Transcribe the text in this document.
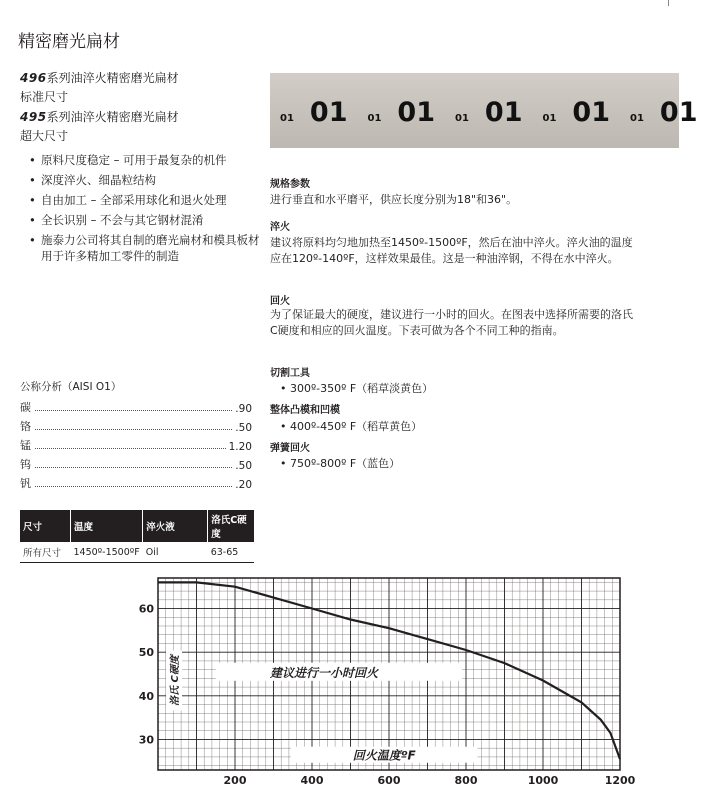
精密磨光扁材
496系列油淬火精密磨光扁材
标准尺寸
495系列油淬火精密磨光扁材
超大尺寸
• 原料尺度稳定 – 可用于最复杂的机件
• 深度淬火、细晶粒结构
• 自由加工 – 全部采用球化和退火处理
• 全长识别 – 不会与其它钢材混淆
• 施泰力公司将其自制的磨光扁材和模具板材用于许多精加工零件的制造
公称分析（AISI O1）
碳	.90
铬	.50
锰	1.20
钨	.50
钒	.20
尺寸	温度	淬火液	洛氏C硬度
所有尺寸	1450º-1500ºF	Oil	63-65
01 01 01 01 01 01 01 01 01 01
规格参数
进行垂直和水平磨平，供应长度分别为18"和36"。
淬火
建议将原料均匀地加热至1450º-1500ºF，然后在油中淬火。淬火油的温度应在120º-140ºF，这样效果最佳。这是一种油淬钢，不得在水中淬火。
回火
为了保证最大的硬度，建议进行一小时的回火。在图表中选择所需要的洛氏C硬度和相应的回火温度。下表可做为各个不同工种的指南。
切割工具
• 300º-350º F（稻草淡黄色）
整体凸模和凹模
• 400º-450º F（稻草黄色）
弹簧回火
• 750º-800º F（蓝色）
30
40
50
60
200	400	600	800	1000	1200
洛氏 C硬度	建议进行一小时回火
回火温度ºF
